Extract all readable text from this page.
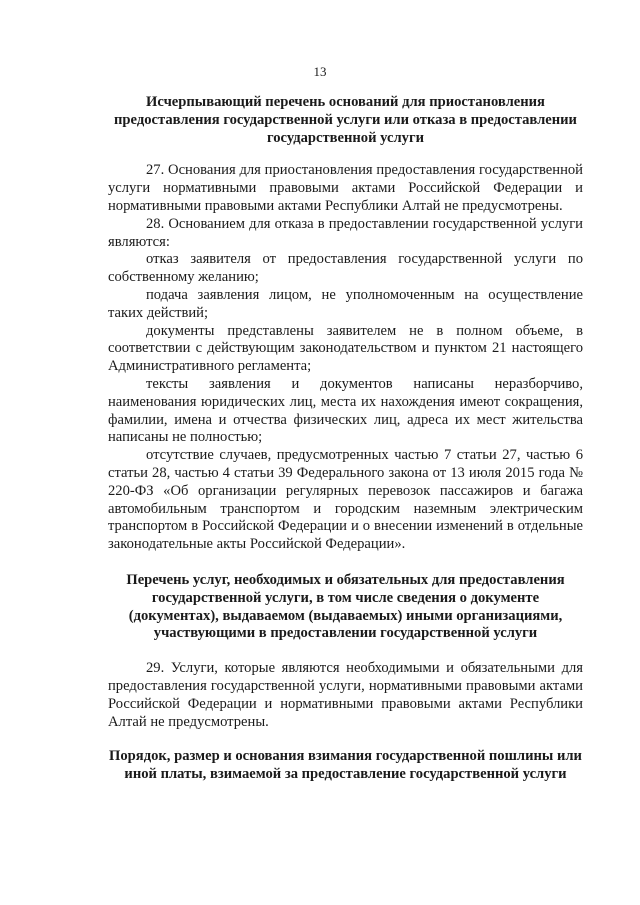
13

Исчерпывающий перечень оснований для приостановления предоставления государственной услуги или отказа в предоставлении государственной услуги

27. Основания для приостановления предоставления государственной услуги нормативными правовыми актами Российской Федерации и нормативными правовыми актами Республики Алтай не предусмотрены.

28. Основанием для отказа в предоставлении государственной услуги являются:

отказ заявителя от предоставления государственной услуги по собственному желанию;

подача заявления лицом, не уполномоченным на осуществление таких действий;

документы представлены заявителем не в полном объеме, в соответствии с действующим законодательством и пунктом 21 настоящего Административного регламента;

тексты заявления и документов написаны неразборчиво, наименования юридических лиц, места их нахождения имеют сокращения, фамилии, имена и отчества физических лиц, адреса их мест жительства написаны не полностью;

отсутствие случаев, предусмотренных частью 7 статьи 27, частью 6 статьи 28, частью 4 статьи 39 Федерального закона от 13 июля 2015 года № 220-ФЗ «Об организации регулярных перевозок пассажиров и багажа автомобильным транспортом и городским наземным электрическим транспортом в Российской Федерации и о внесении изменений в отдельные законодательные акты Российской Федерации».

Перечень услуг, необходимых и обязательных для предоставления государственной услуги, в том числе сведения о документе (документах), выдаваемом (выдаваемых) иными организациями, участвующими в предоставлении государственной услуги

29. Услуги, которые являются необходимыми и обязательными для предоставления государственной услуги, нормативными правовыми актами Российской Федерации и нормативными правовыми актами Республики Алтай не предусмотрены.

Порядок, размер и основания взимания государственной пошлины или иной платы, взимаемой за предоставление государственной услуги
